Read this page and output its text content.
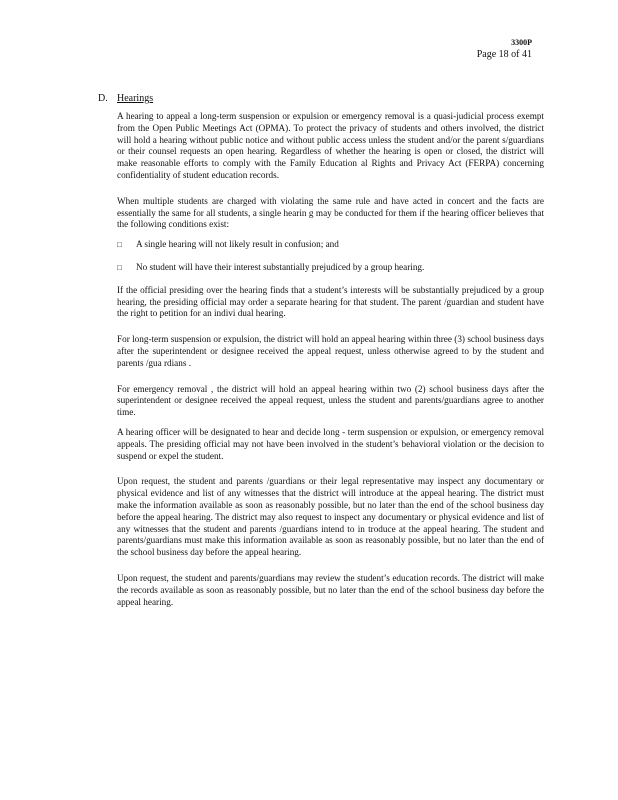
3300P
Page 18 of 41
D. Hearings

A hearing to appeal a long-term suspension or expulsion or emergency removal is a quasi-judicial process exempt from the Open Public Meetings Act (OPMA). To protect the privacy of students and others involved, the district will hold a hearing without public notice and without public access unless the student and/or the parent s/guardians or their counsel requests an open hearing. Regardless of whether the hearing is open or closed, the district will make reasonable efforts to comply with the Family Education al Rights and Privacy Act (FERPA) concerning confidentiality of student education records.

When multiple students are charged with violating the same rule and have acted in concert and the facts are essentially the same for all students, a single hearin g may be conducted for them if the hearing officer believes that the following conditions exist:

□ A single hearing will not likely result in confusion; and
□ No student will have their interest substantially prejudiced by a group hearing.

If the official presiding over the hearing finds that a student’s interests will be substantially prejudiced by a group hearing, the presiding official may order a separate hearing for that student. The parent /guardian and student have the right to petition for an indivi dual hearing.

For long-term suspension or expulsion, the district will hold an appeal hearing within three (3) school business days after the superintendent or designee received the appeal request, unless otherwise agreed to by the student and parents /gua rdians .

For emergency removal , the district will hold an appeal hearing within two (2) school business days after the superintendent or designee received the appeal request, unless the student and parents/guardians agree to another time.

A hearing officer will be designated to hear and decide long - term suspension or expulsion, or emergency removal appeals. The presiding official may not have been involved in the student’s behavioral violation or the decision to suspend or expel the student.

Upon request, the student and parents /guardians or their legal representative may inspect any documentary or physical evidence and list of any witnesses that the district will introduce at the appeal hearing. The district must make the information available as soon as reasonably possible, but no later than the end of the school business day before the appeal hearing. The district may also request to inspect any documentary or physical evidence and list of any witnesses that the student and parents /guardians intend to in troduce at the appeal hearing. The student and parents/guardians must make this information available as soon as reasonably possible, but no later than the end of the school business day before the appeal hearing.

Upon request, the student and parents/guardians may review the student’s education records. The district will make the records available as soon as reasonably possible, but no later than the end of the school business day before the appeal hearing.
